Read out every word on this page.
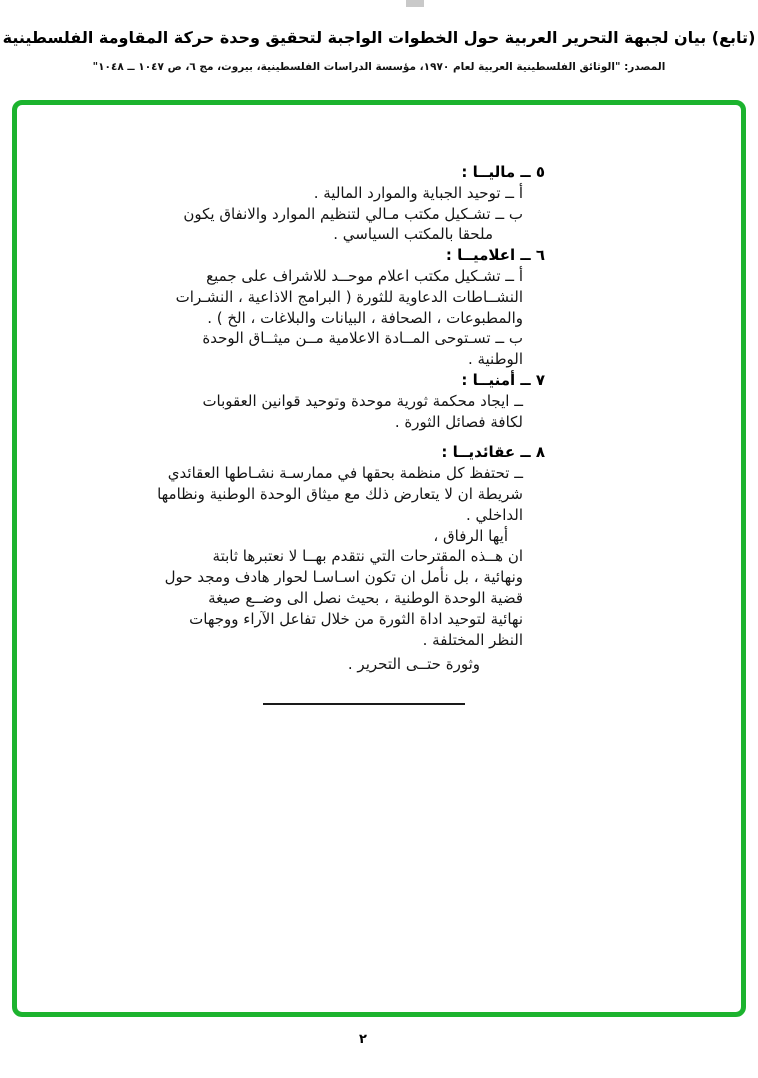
(تابع) بيان لجبهة التحرير العربية حول الخطوات الواجبة لتحقيق وحدة حركة المقاومة الفلسطينية
المصدر: "الوثائق الفلسطينية العربية لعام ١٩٧٠، مؤسسة الدراسات الفلسطينية، بيروت، مج ٦، ص ١٠٤٧ ــ ١٠٤٨"
٥ ــ ماليــا :
أ ــ توحيد الجباية والموارد المالية .
ب ــ تشـكيل مكتب مـالي لتنظيم الموارد والانفاق يكون
ملحقا بالمكتب السياسي .
٦ ــ اعلاميــا :
أ ــ تشـكيل مكتب اعلام موحــد للاشراف على جميع
النشــاطات الدعاوية للثورة ( البرامج الاذاعية ، النشـرات
والمطبوعات ، الصحافة ، البيانات والبلاغات ، الخ ) .
ب ــ تسـتوحى المــادة الاعلامية مــن ميثــاق الوحدة
الوطنية .
٧ ــ أمنيــا :
ــ ايجاد محكمة ثورية موحدة وتوحيد قوانين العقوبات
لكافة فصائل الثورة .
٨ ــ عقائديــا :
ــ تحتفظ كل منظمة بحقها في ممارسـة نشـاطها العقائدي
شريطة ان لا يتعارض ذلك مع ميثاق الوحدة الوطنية ونظامها
الداخلي .
أيها الرفاق ،
ان هــذه المقترحات التي نتقدم بهــا لا نعتبرها ثابتة
ونهائية ، بل نأمل ان تكون اسـاسـا لحوار هادف ومجد حول
قضية الوحدة الوطنية ، بحيث نصل الى وضــع صيغة
نهائية لتوحيد اداة الثورة من خلال تفاعل الآراء ووجهات
النظر المختلفة .
وثورة حتــى التحرير .
٢
